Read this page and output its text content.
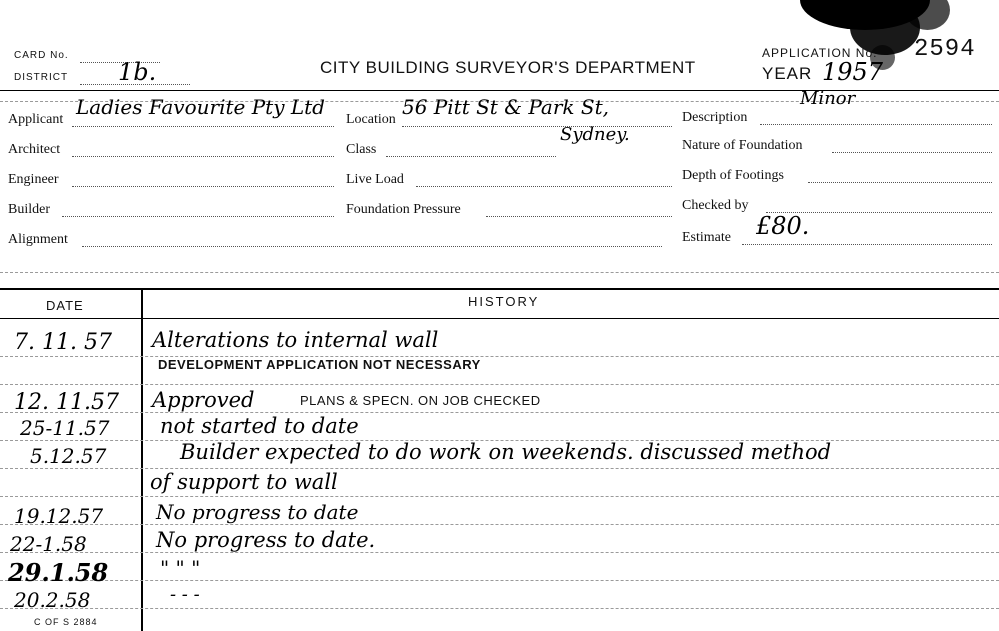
CARD No.
DISTRICT 1b.	CITY BUILDING SURVEYOR'S DEPARTMENT
APPLICATION No. 2594
YEAR 1957
Applicant
Ladies Favourite Pty Ltd
Architect
Engineer
Builder
Alignment
Location
56 Pitt St & Park St,
Sydney.
Class
Live Load
Foundation Pressure
Description
Minor
Nature of Foundation
Depth of Footings
Checked by
Estimate £80.
DATE	HISTORY
7. 11. 57 Alterations to internal wall
DEVELOPMENT APPLICATION NOT NECESSARY
12. 11.57 Approved	PLANS & SPECN. ON JOB CHECKED
25-11.57 not started to date
5.12.57	Builder expected to do work on weekends. discussed method
of support to wall
19.12.57	No progress to date
22-1.58	No progress to date.
29.1.58	" " "
20.2.58	- - -
C OF S 2884
